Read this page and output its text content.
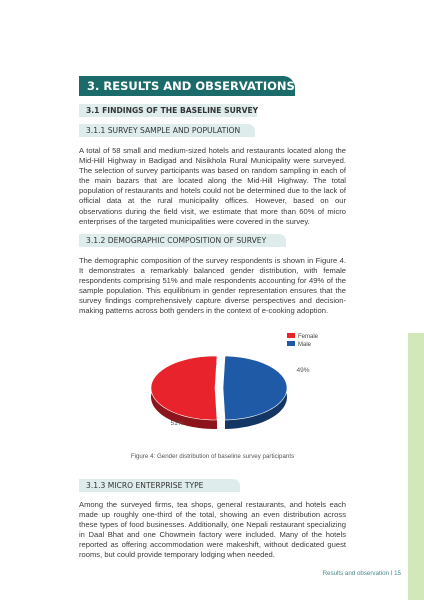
3. RESULTS AND OBSERVATIONS
3.1 FINDINGS OF THE BASELINE SURVEY
3.1.1 SURVEY SAMPLE AND POPULATION

A total of 58 small and medium-sized hotels and restaurants located along the Mid-Hill Highway in Badigad and Nisikhola Rural Municipality were surveyed. The selection of survey participants was based on random sampling in each of the main bazars that are located along the Mid-Hill Highway. The total population of restaurants and hotels could not be determined due to the lack of official data at the rural municipality offices. However, based on our observations during the field visit, we estimate that more than 60% of micro enterprises of the targeted municipalities were covered in the survey.

3.1.2 DEMOGRAPHIC COMPOSITION OF SURVEY

The demographic composition of the survey respondents is shown in Figure 4. It demonstrates a remarkably balanced gender distribution, with female respondents comprising 51% and male respondents accounting for 49% of the sample population. This equilibrium in gender representation ensures that the survey findings comprehensively capture diverse perspectives and decision-making patterns across both genders in the context of e-cooking adoption.

Female
Male
51%
49%
Figure 4: Gender distribution of baseline survey participants
3.1.3 MICRO ENTERPRISE TYPE

Among the surveyed firms, tea shops, general restaurants, and hotels each made up roughly one-third of the total, showing an even distribution across these types of food businesses. Additionally, one Nepali restaurant specializing in Daal Bhat and one Chowmein factory were included. Many of the hotels reported as offering accommodation were makeshift, without dedicated guest rooms, but could provide temporary lodging when needed.

Results and observation I 15
